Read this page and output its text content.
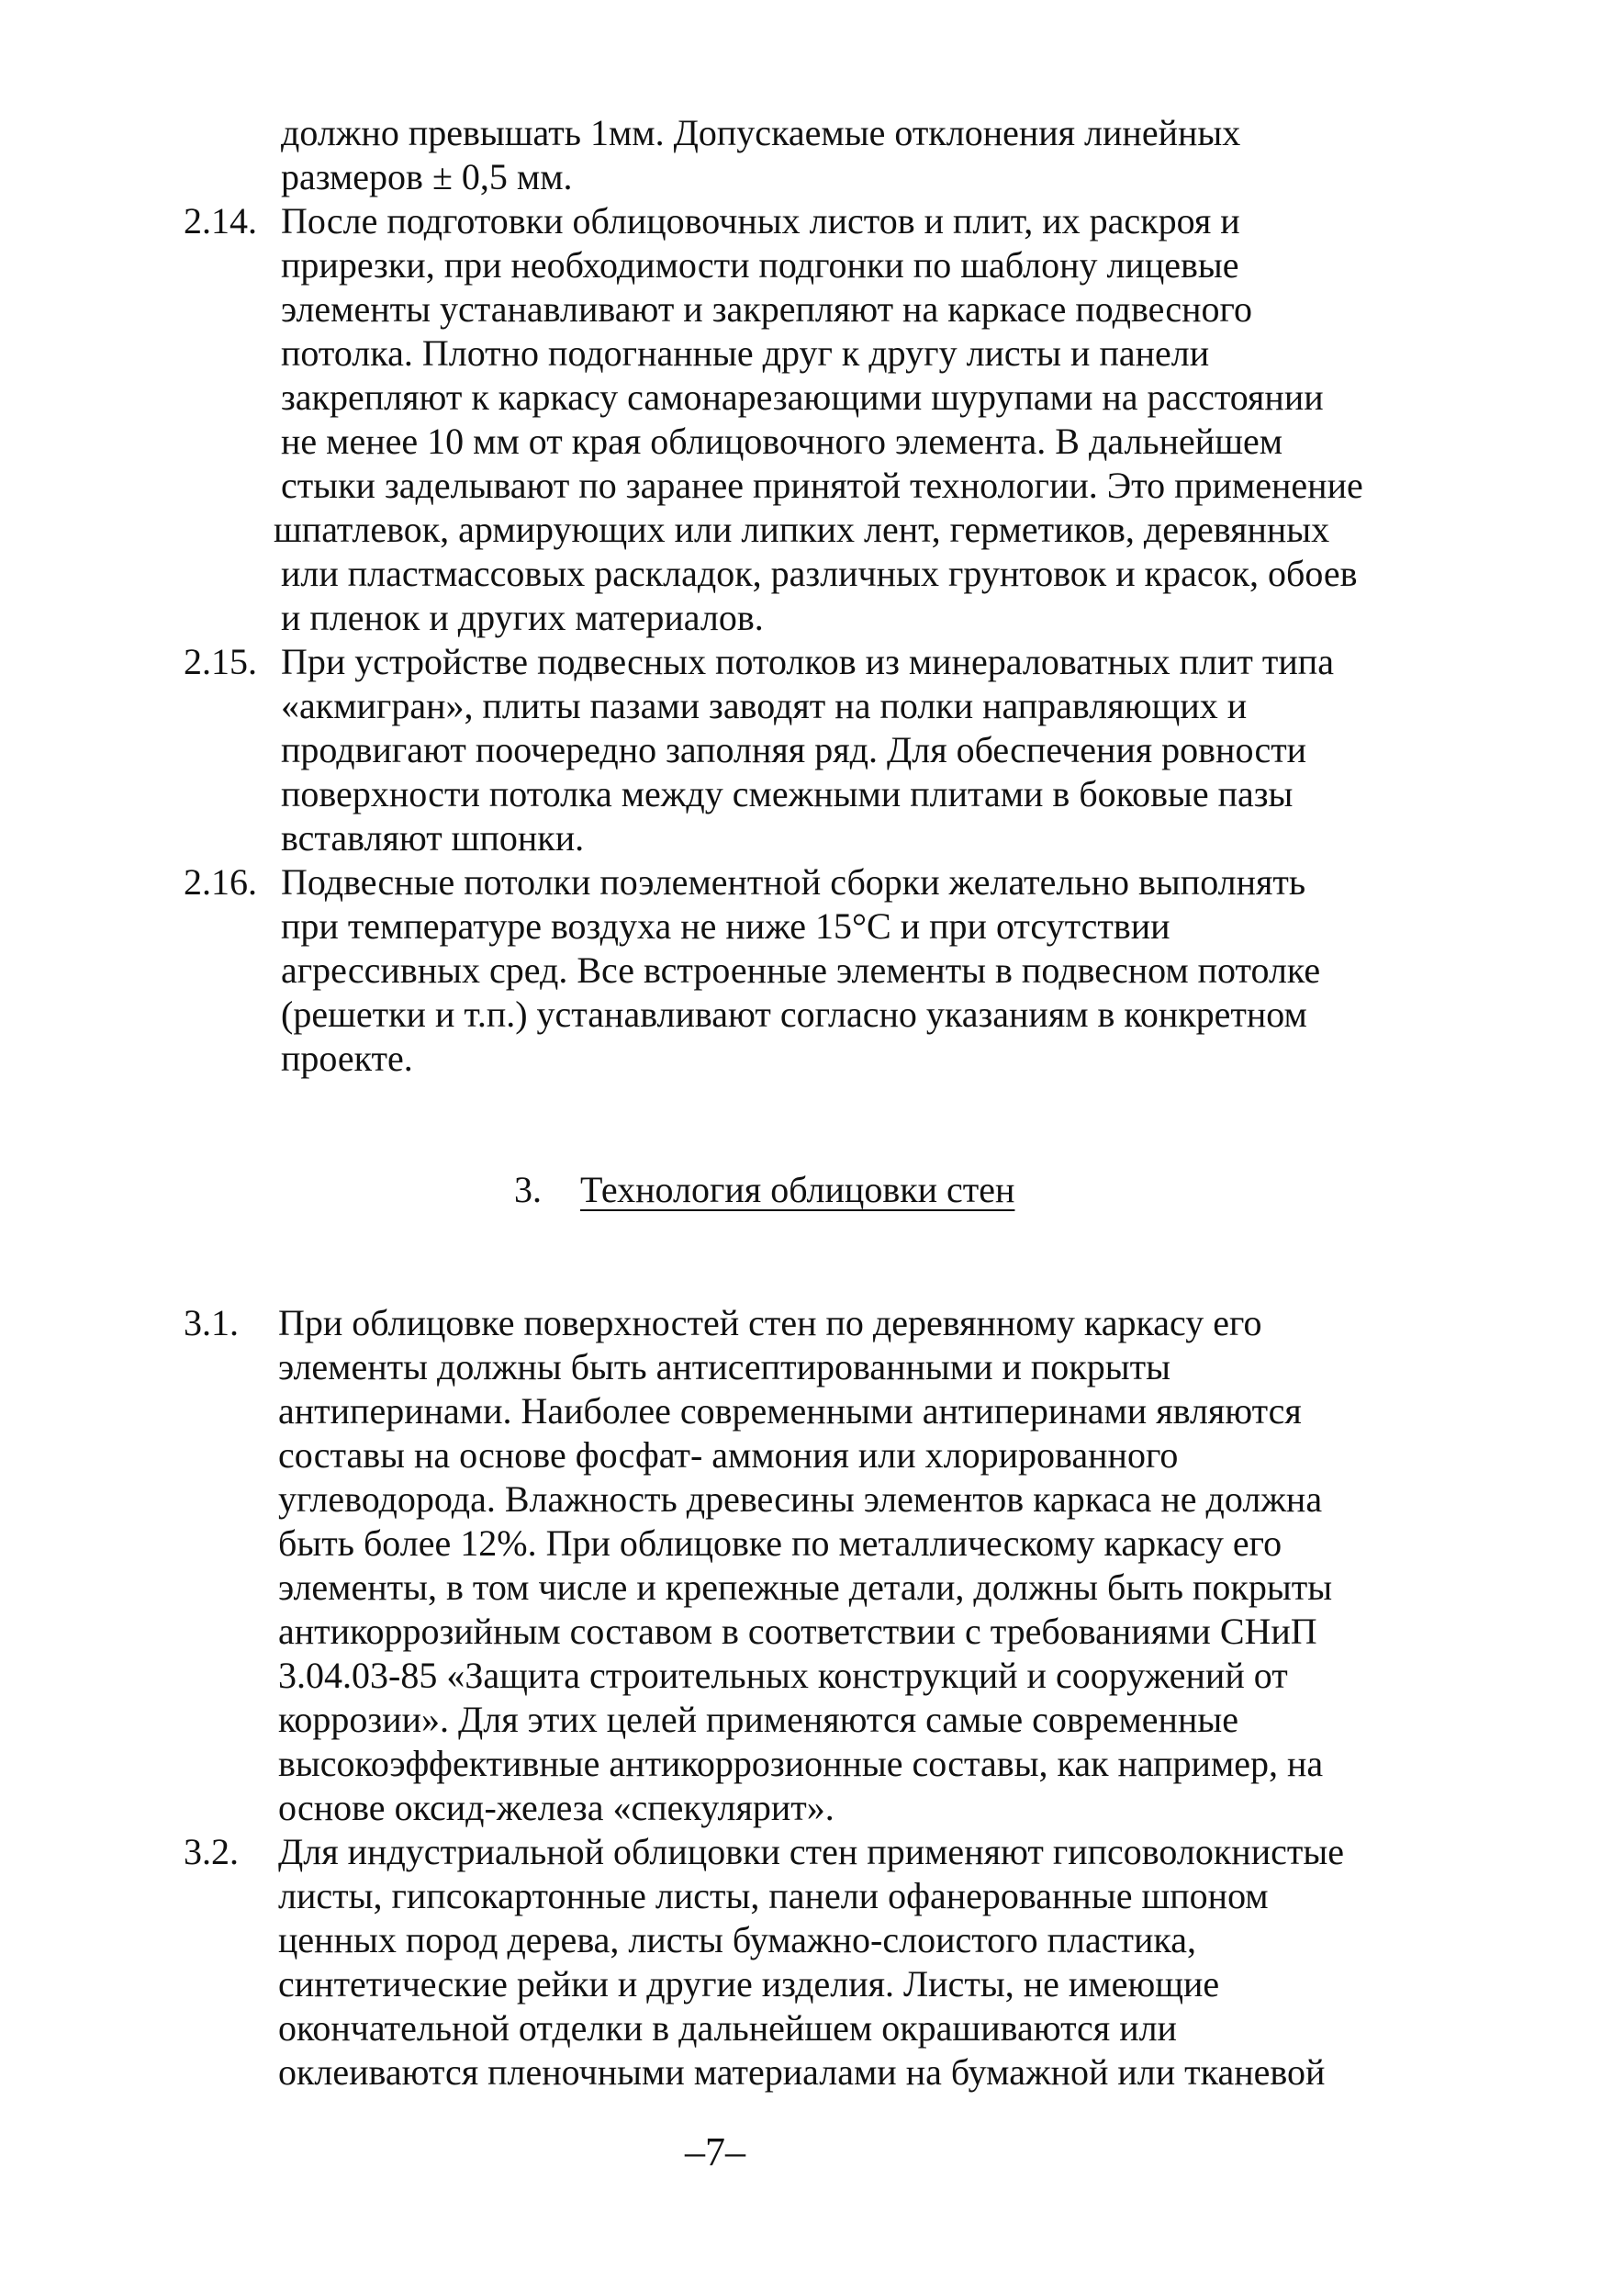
должно превышать 1мм. Допускаемые отклонения линейных
размеров ± 0,5 мм.
2.14. После подготовки облицовочных листов и плит, их раскроя и
прирезки, при необходимости подгонки по шаблону лицевые
элементы устанавливают и закрепляют на каркасе подвесного
потолка. Плотно подогнанные друг к другу листы и панели
закрепляют к каркасу самонарезающими шурупами на расстоянии
не менее 10 мм от края облицовочного элемента. В дальнейшем
стыки заделывают по заранее принятой технологии. Это применение
шпатлевок, армирующих или липких лент, герметиков, деревянных
или пластмассовых раскладок, различных грунтовок и красок, обоев
и пленок и других материалов.
2.15. При устройстве подвесных потолков из минераловатных плит типа
«акмигран», плиты пазами заводят на полки направляющих и
продвигают поочередно заполняя ряд. Для обеспечения ровности
поверхности потолка между смежными плитами в боковые пазы
вставляют шпонки.
2.16. Подвесные потолки поэлементной сборки желательно выполнять
при температуре воздуха не ниже 15°С и при отсутствии
агрессивных сред. Все встроенные элементы в подвесном потолке
(решетки и т.п.) устанавливают согласно указаниям в конкретном
проекте.
3. Технология облицовки стен
3.1. При облицовке поверхностей стен по деревянному каркасу его
элементы должны быть антисептированными и покрыты
антиперинами. Наиболее современными антиперинами являются
составы на основе фосфат- аммония или хлорированного
углеводорода. Влажность древесины элементов каркаса не должна
быть более 12%. При облицовке по металлическому каркасу его
элементы, в том числе и крепежные детали, должны быть покрыты
антикоррозийным составом в соответствии с требованиями СНиП
3.04.03-85 «Защита строительных конструкций и сооружений от
коррозии». Для этих целей применяются самые современные
высокоэффективные антикоррозионные составы, как например, на
основе оксид-железа «спекулярит».
3.2. Для индустриальной облицовки стен применяют гипсоволокнистые
листы, гипсокартонные листы, панели офанерованные шпоном
ценных пород дерева, листы бумажно-слоистого пластика,
синтетические рейки и другие изделия. Листы, не имеющие
окончательной отделки в дальнейшем окрашиваются или
оклеиваются пленочными материалами на бумажной или тканевой
–7–
